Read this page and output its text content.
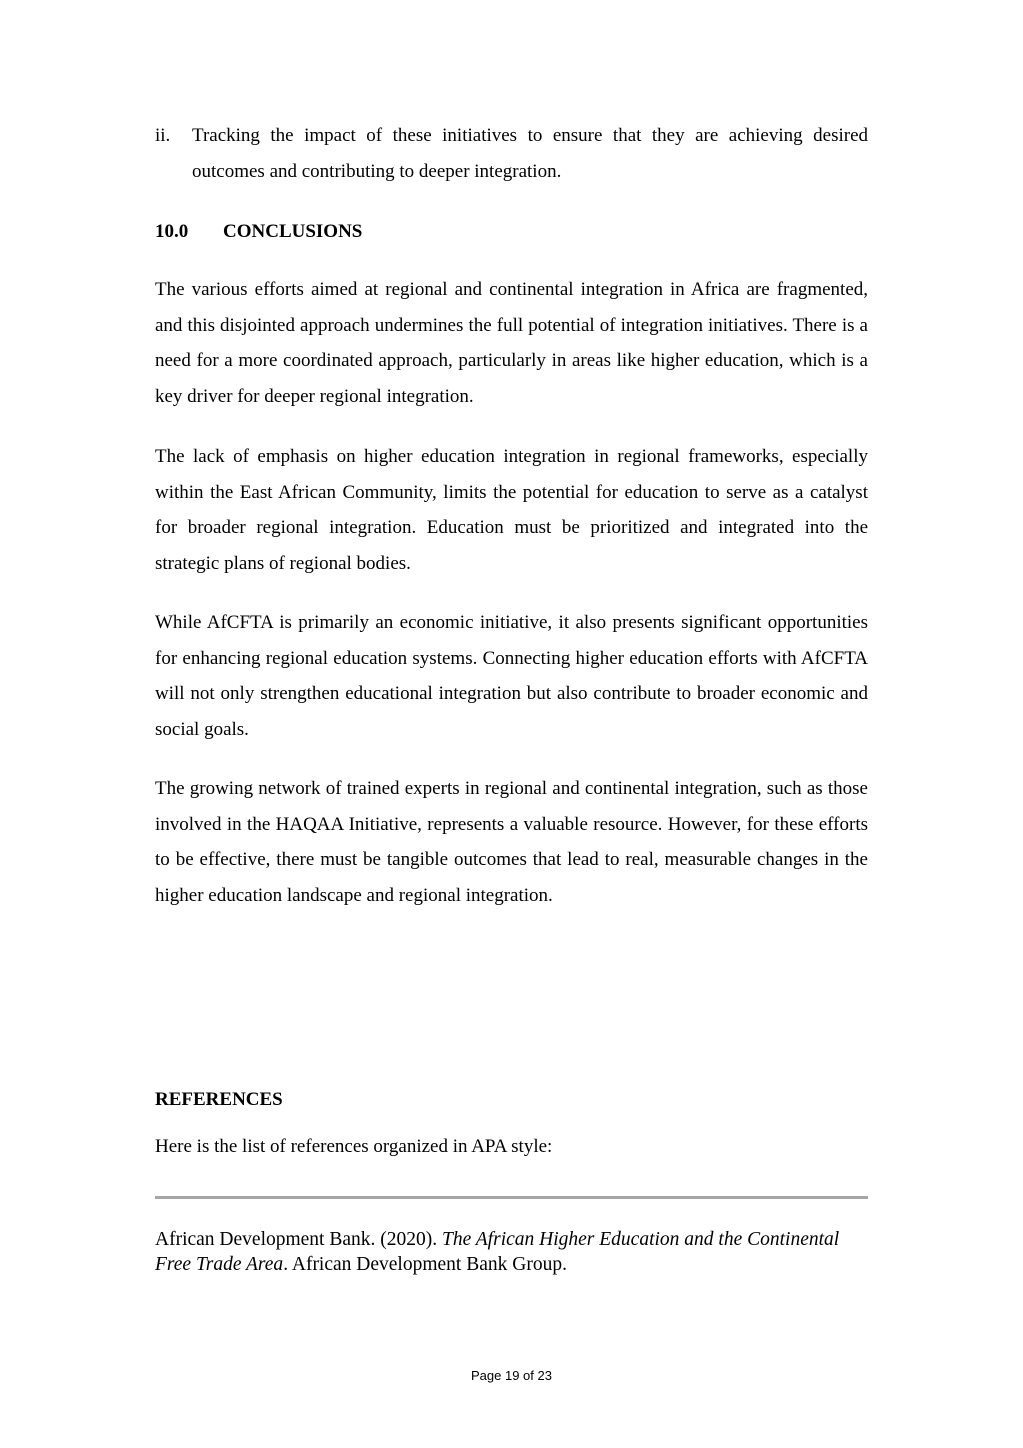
ii. Tracking the impact of these initiatives to ensure that they are achieving desired outcomes and contributing to deeper integration.
10.0 CONCLUSIONS

The various efforts aimed at regional and continental integration in Africa are fragmented, and this disjointed approach undermines the full potential of integration initiatives. There is a need for a more coordinated approach, particularly in areas like higher education, which is a key driver for deeper regional integration.

The lack of emphasis on higher education integration in regional frameworks, especially within the East African Community, limits the potential for education to serve as a catalyst for broader regional integration. Education must be prioritized and integrated into the strategic plans of regional bodies.

While AfCFTA is primarily an economic initiative, it also presents significant opportunities for enhancing regional education systems. Connecting higher education efforts with AfCFTA will not only strengthen educational integration but also contribute to broader economic and social goals.

The growing network of trained experts in regional and continental integration, such as those involved in the HAQAA Initiative, represents a valuable resource. However, for these efforts to be effective, there must be tangible outcomes that lead to real, measurable changes in the higher education landscape and regional integration.

REFERENCES

Here is the list of references organized in APA style:

African Development Bank. (2020). The African Higher Education and the Continental Free Trade Area. African Development Bank Group.

Page 19 of 23
